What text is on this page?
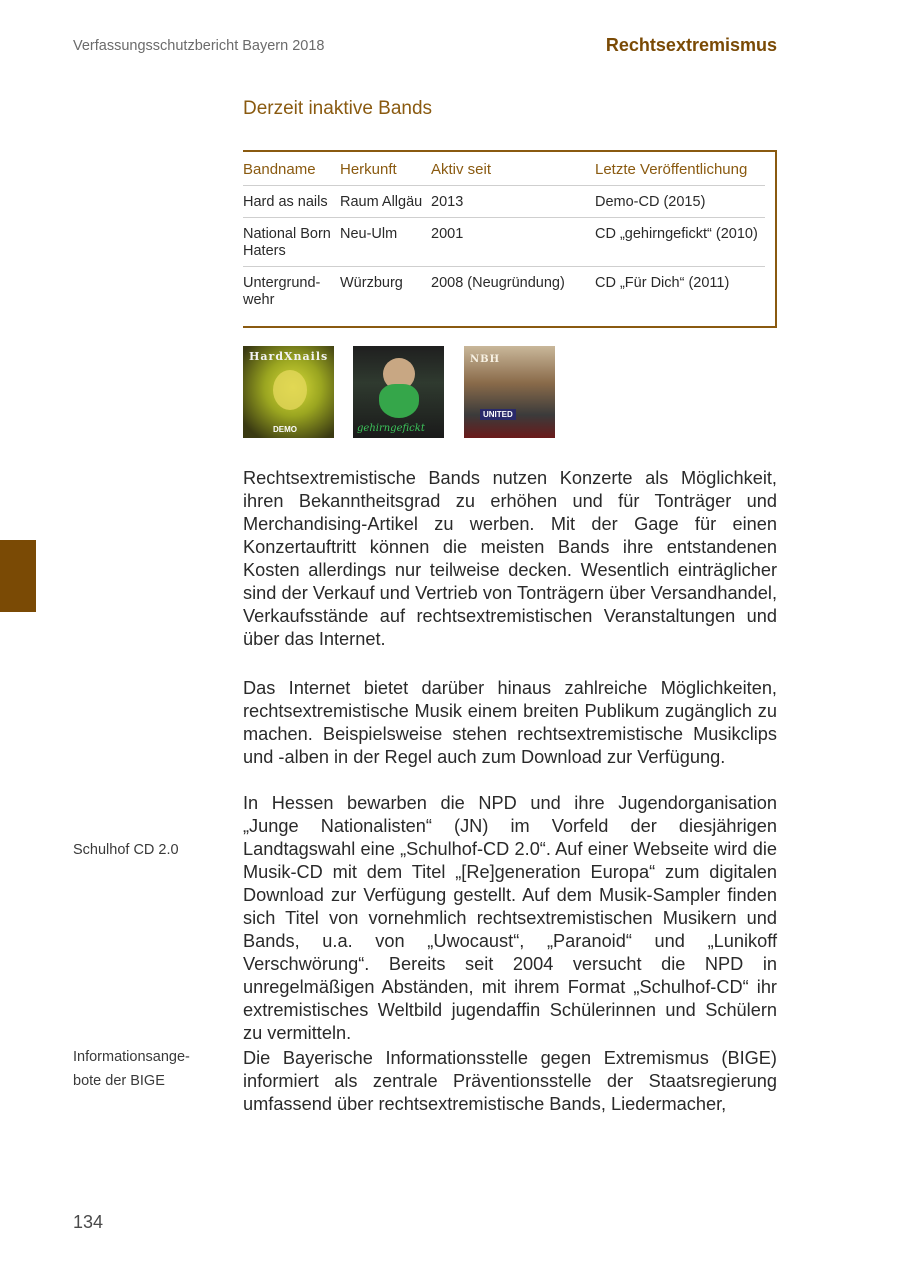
Verfassungsschutzbericht Bayern 2018	Rechtsextremismus
Derzeit inaktive Bands
Bandname	Herkunft	Aktiv seit	Letzte Veröffentlichung
Hard as nails	Raum Allgäu	2013	Demo-CD (2015)
National Born Haters	Neu-Ulm	2001	CD „gehirngefickt“ (2010)
Untergrund-wehr	Würzburg	2008 (Neugründung)	CD „Für Dich“ (2011)
HardXnails
DEMO	gehirngefickt
NBH
UNITED

Rechtsextremistische Bands nutzen Konzerte als Möglichkeit, ihren Bekanntheitsgrad zu erhöhen und für Tonträger und Merchandising-Artikel zu werben. Mit der Gage für einen Konzertauftritt können die meisten Bands ihre entstandenen Kosten allerdings nur teilweise decken. Wesentlich einträglicher sind der Verkauf und Vertrieb von Tonträgern über Versandhandel, Verkaufsstände auf rechtsextremistischen Veranstaltungen und über das Internet.

Das Internet bietet darüber hinaus zahlreiche Möglichkeiten, rechtsextremistische Musik einem breiten Publikum zugänglich zu machen. Beispielsweise stehen rechtsextremistische Musikclips und -alben in der Regel auch zum Download zur Verfügung.

In Hessen bewarben die NPD und ihre Jugendorganisation „Junge Nationalisten“ (JN) im Vorfeld der diesjährigen Landtagswahl eine „Schulhof-CD 2.0“. Auf einer Webseite wird die Musik-CD mit dem Titel „[Re]generation Europa“ zum digitalen Download zur Verfügung gestellt. Auf dem Musik-Sampler finden sich Titel von vornehmlich rechtsextremistischen Musikern und Bands, u.a. von „Uwocaust“, „Paranoid“ und „Lunikoff Verschwörung“. Bereits seit 2004 versucht die NPD in unregelmäßigen Abständen, mit ihrem Format „Schulhof-CD“ ihr extremistisches Weltbild jugendaffin Schülerinnen und Schülern zu vermitteln.

Die Bayerische Informationsstelle gegen Extremismus (BIGE) informiert als zentrale Präventionsstelle der Staatsregierung umfassend über rechtsextremistische Bands, Liedermacher,

Schulhof CD 2.0
Informationsange-
bote der BIGE
134
